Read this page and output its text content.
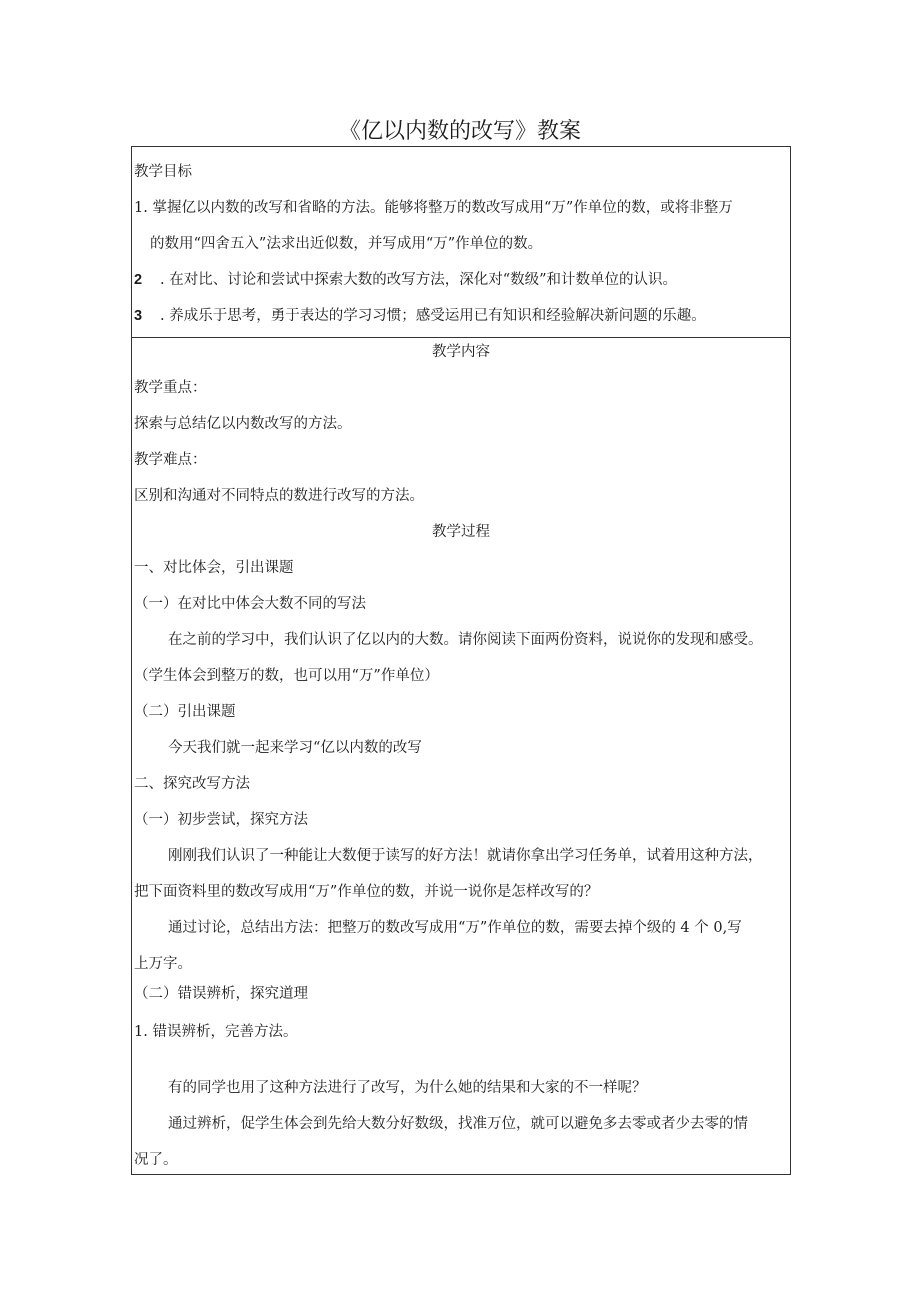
《亿以内数的改写》教案
教学目标
1. 掌握亿以内数的改写和省略的方法。能够将整万的数改写成用“万”作单位的数，或将非整万
的数用“四舍五入”法求出近似数，并写成用“万”作单位的数。
2 . 在对比、讨论和尝试中探索大数的改写方法，深化对“数级”和计数单位的认识。
3 . 养成乐于思考，勇于表达的学习习惯；感受运用已有知识和经验解决新问题的乐趣。
教学内容
教学重点：
探索与总结亿以内数改写的方法。
教学难点：
区别和沟通对不同特点的数进行改写的方法。
教学过程
一、对比体会，引出课题
（一）在对比中体会大数不同的写法
在之前的学习中，我们认识了亿以内的大数。请你阅读下面两份资料，说说你的发现和感受。
（学生体会到整万的数，也可以用“万”作单位）
（二）引出课题
今天我们就一起来学习“亿以内数的改写
二、探究改写方法
（一）初步尝试，探究方法
刚刚我们认识了一种能让大数便于读写的好方法！就请你拿出学习任务单，试着用这种方法，
把下面资料里的数改写成用“万”作单位的数，并说一说你是怎样改写的？
通过讨论，总结出方法：把整万的数改写成用“万”作单位的数，需要去掉个级的 4 个 0,写
上万字。
（二）错误辨析，探究道理
1. 错误辨析，完善方法。
有的同学也用了这种方法进行了改写，为什么她的结果和大家的不一样呢？
通过辨析，促学生体会到先给大数分好数级，找准万位，就可以避免多去零或者少去零的情
况了。
